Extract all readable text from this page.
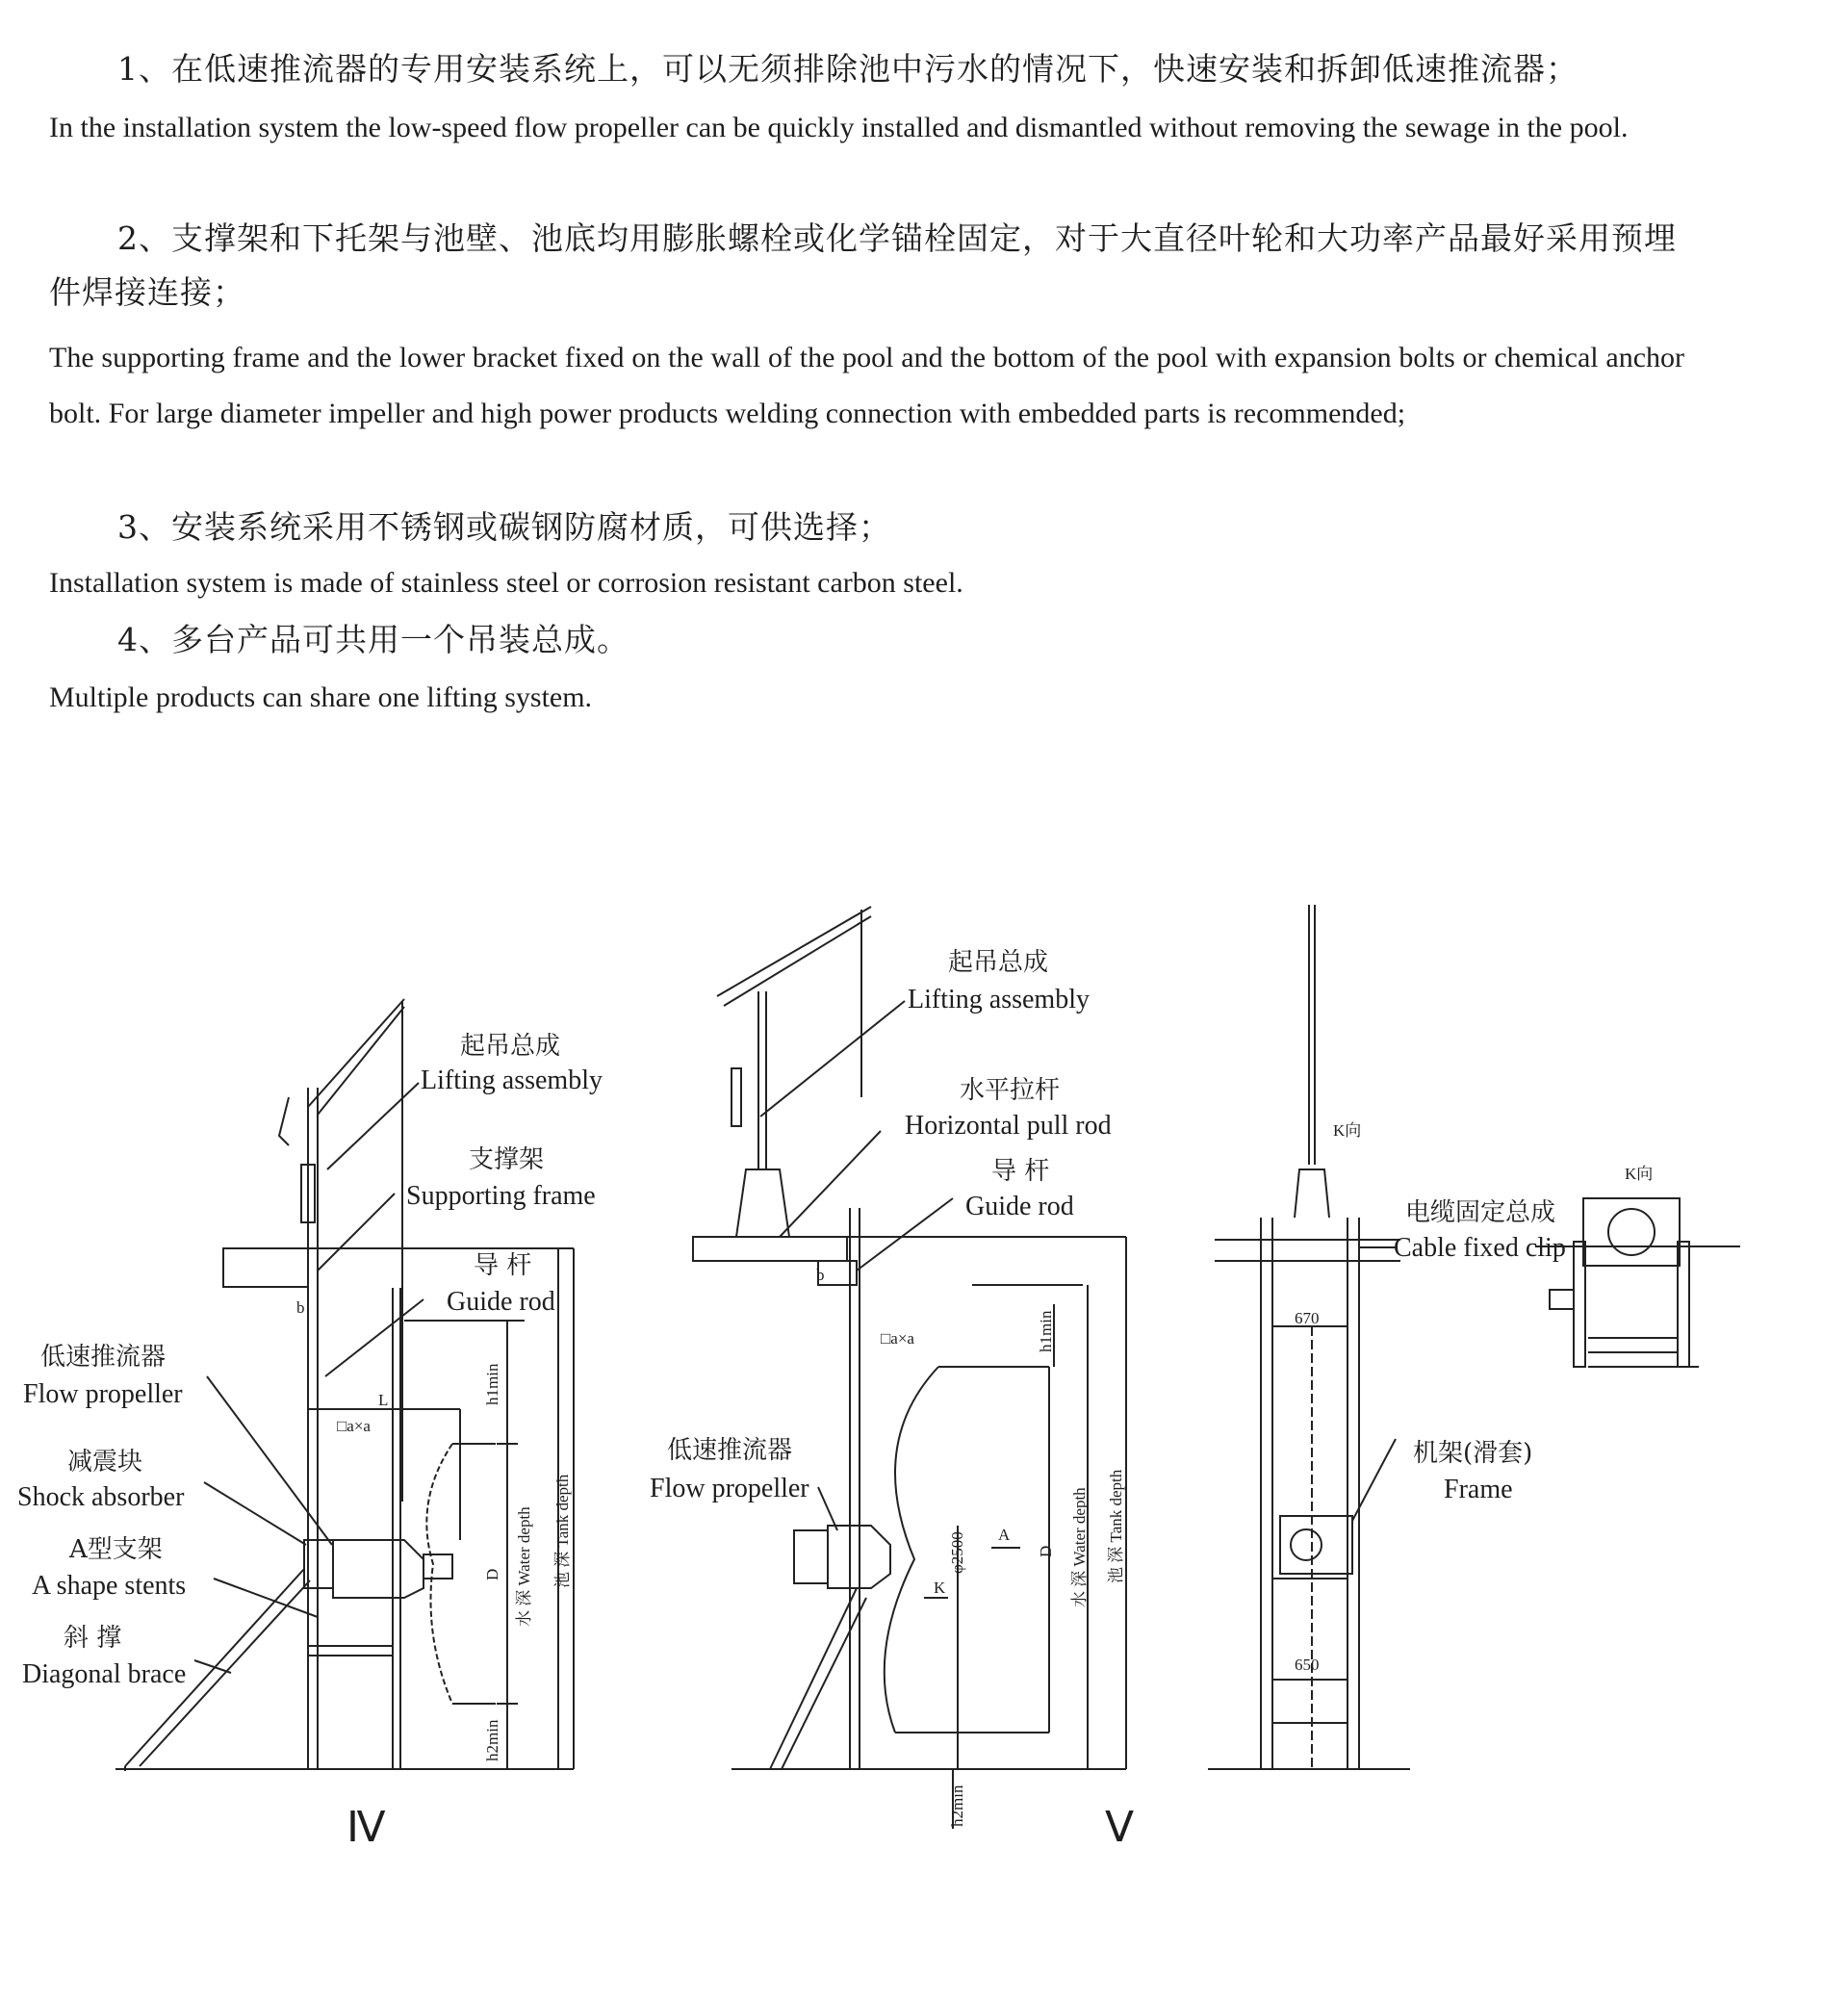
1、在低速推流器的专用安装系统上，可以无须排除池中污水的情况下，快速安装和拆卸低速推流器；

In the installation system the low-speed flow propeller can be quickly installed and dismantled without removing the sewage in the pool.

2、支撑架和下托架与池壁、池底均用膨胀螺栓或化学锚栓固定，对于大直径叶轮和大功率产品最好采用预埋件焊接连接；

The supporting frame and the lower bracket fixed on the wall of the pool and the bottom of the pool with expansion bolts or chemical anchor bolt. For large diameter impeller and high power products welding connection with embedded parts is recommended;

3、安装系统采用不锈钢或碳钢防腐材质，可供选择；

Installation system is made of stainless steel or corrosion resistant carbon steel.

4、多台产品可共用一个吊装总成。

Multiple products can share one lifting system.

起吊总成
Lifting assembly
支撑架
Supporting frame
导 杆
Guide rod
低速推流器
Flow propeller
减震块
Shock absorber
A型支架
A shape stents
斜 撑
Diagonal brace
b
L
□a×a
h1min
h2min
D 水 深 Water depth 池 深 Tank depth
Ⅳ
起吊总成
Lifting assembly
水平拉杆
Horizontal pull rod
导 杆
Guide rod
低速推流器
Flow propeller
b
□a×a	h1min
h2min
D
φ2500 A
K	水 深 Water depth 池 深 Tank depth
Ⅴ
电缆固定总成
Cable fixed clip
机架(滑套)
Frame
K向
K向
670
650
